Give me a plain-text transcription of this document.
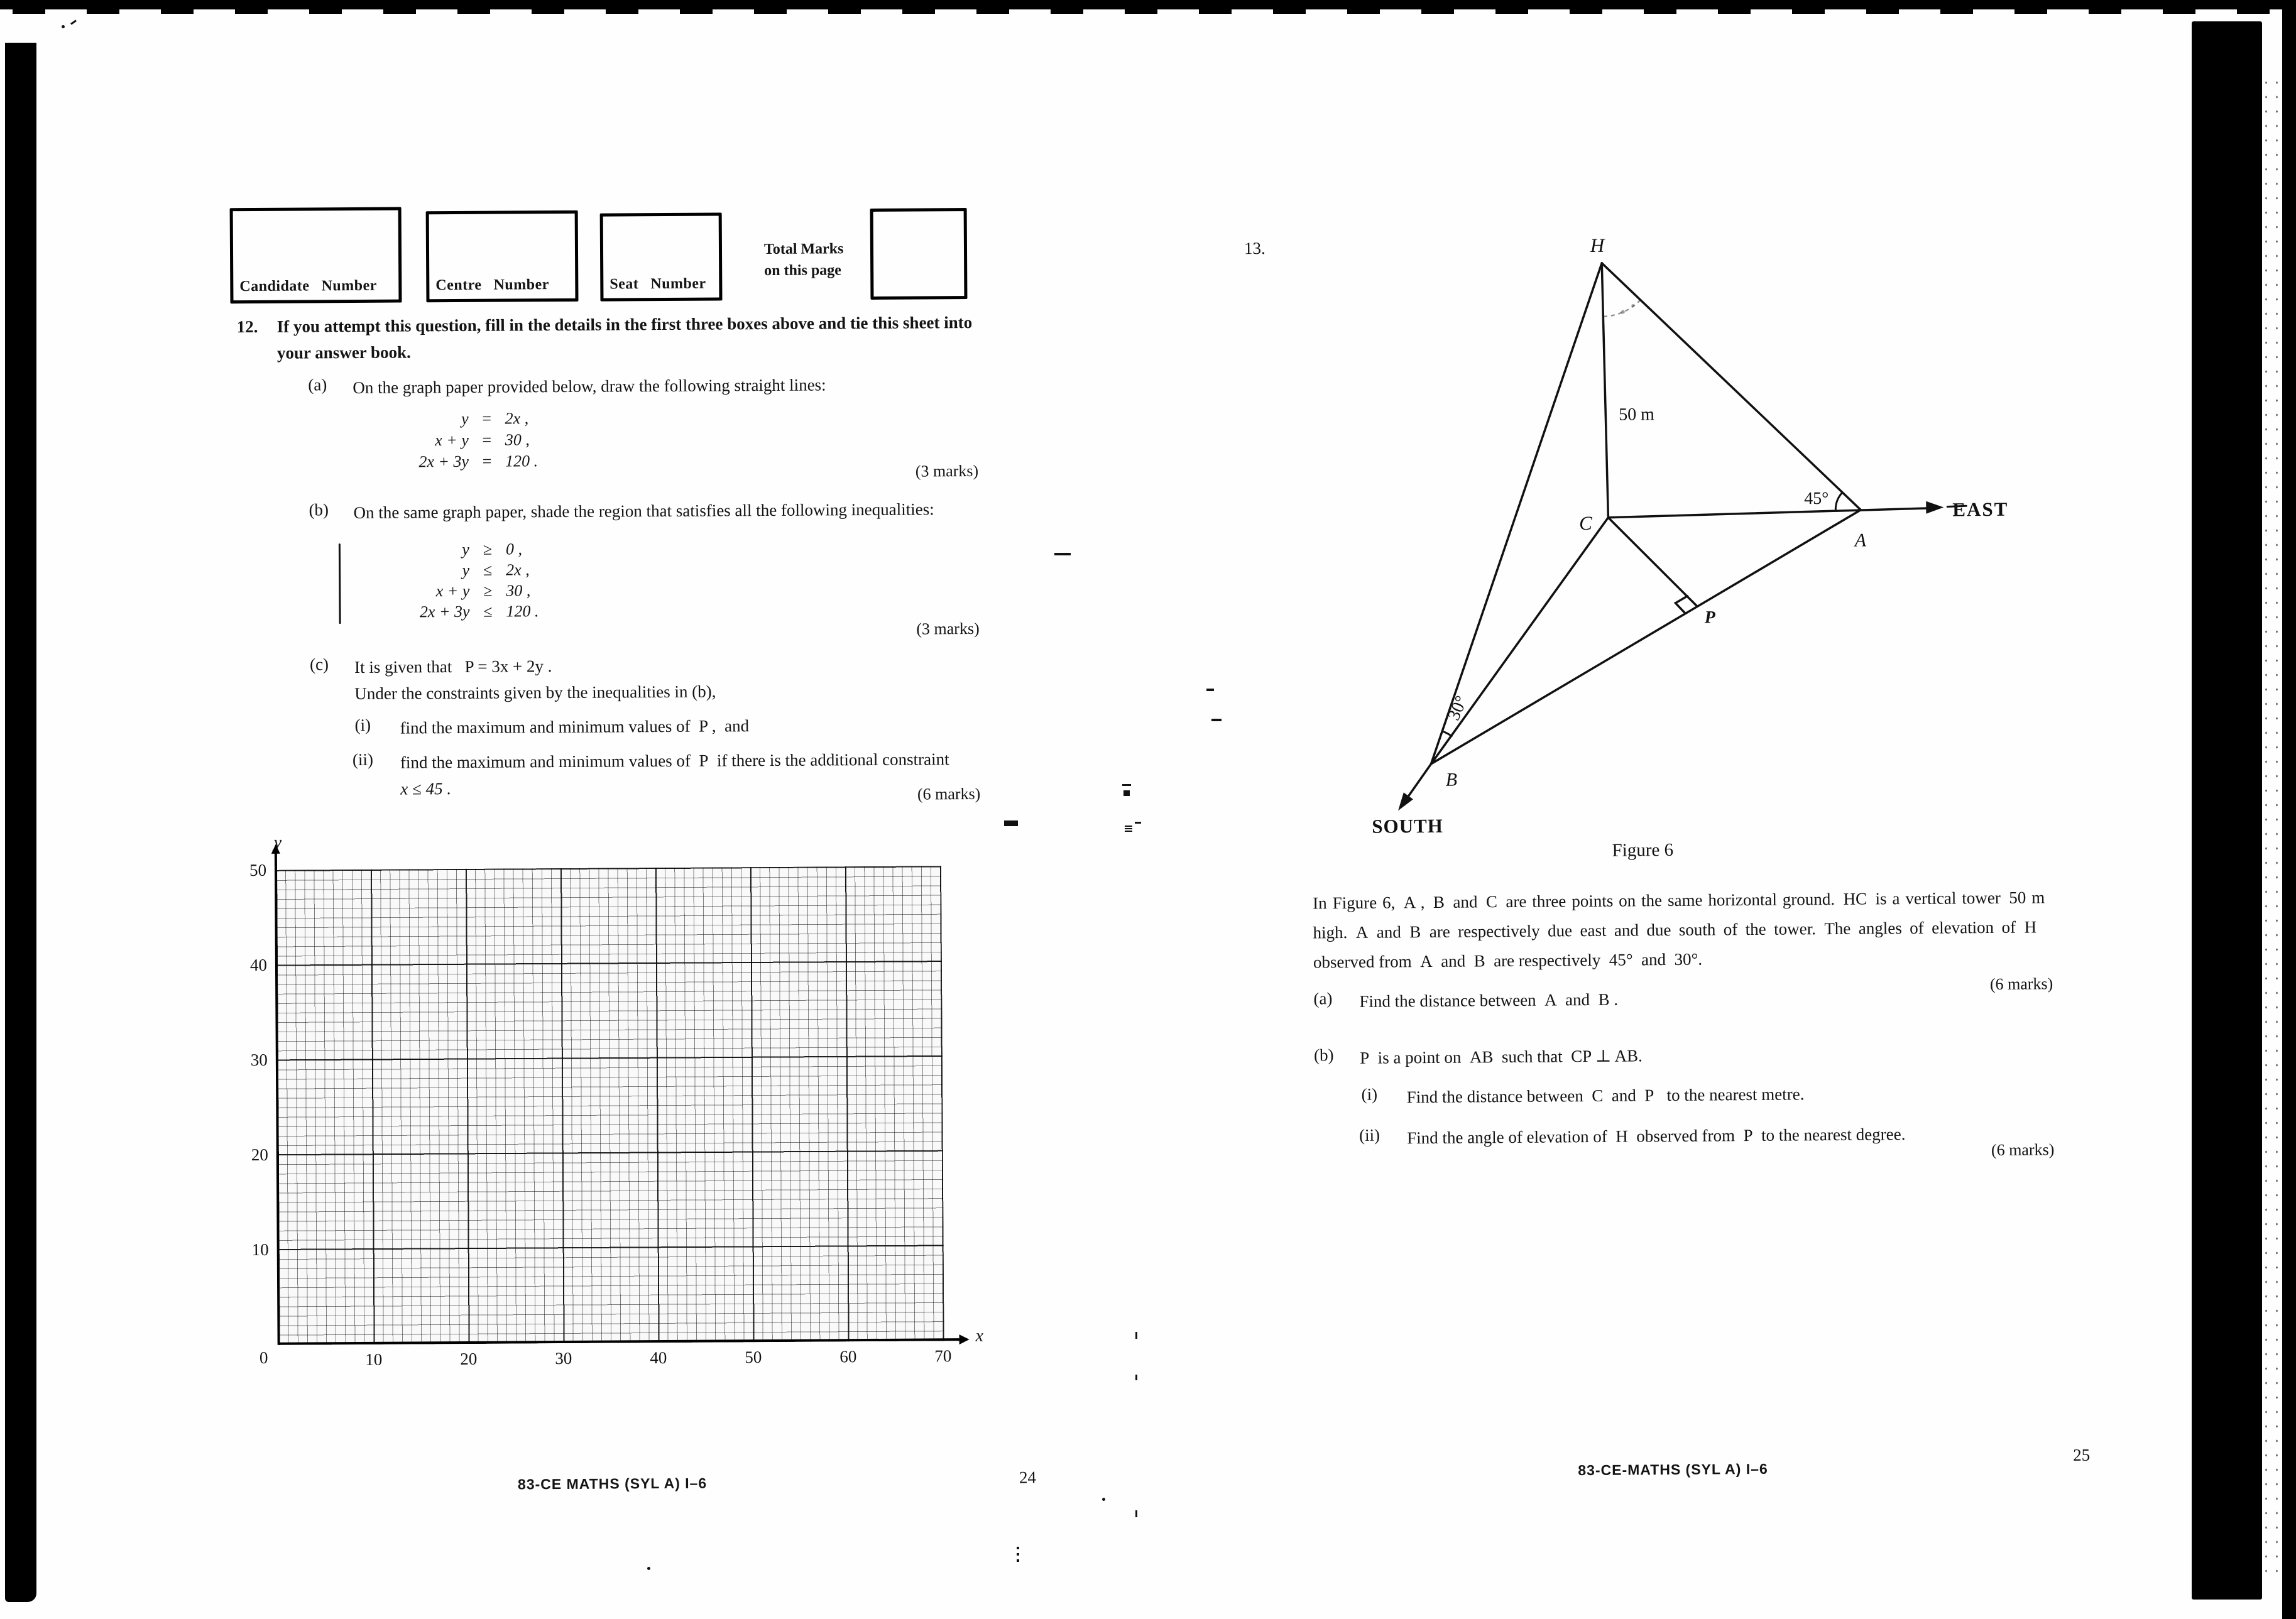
Candidate  Number	Centre  Number	Seat  Number
Total Marks
on this page
12. If you attempt this question, fill in the details in the first three boxes above and tie this sheet into your answer book.
(a) On the graph paper provided below, draw the following straight lines:
y = 2x ,
x + y = 30 ,
2x + 3y = 120 .
(3 marks)
(b) On the same graph paper, shade the region that satisfies all the following inequalities:
y ≥ 0 ,
y ≤ 2x ,
x + y ≥ 30 ,
2x + 3y ≤ 120 .
(3 marks)
(c) It is given that  P = 3x + 2y .
Under the constraints given by the inequalities in (b),
(i) find the maximum and minimum values of P , and
(ii) find the maximum and minimum values of P if there is the additional constraint
x ≤ 45 .	(6 marks)
y
x
50
40
30
20
10
0	10	20	30	40	50	60	70
83-CE MATHS (SYL A) I–6	24
13.	H
50 m
C
A
45°	EAST
B
30°
P
SOUTH
Figure 6
In Figure 6, A , B and C are three points on the same horizontal ground. HC is a vertical tower 50 m high. A and B are respectively due east and due south of the tower. The angles of elevation of H observed from A and B are respectively 45° and 30°.
(a) Find the distance between A and B .
(6 marks)
(b) P is a point on AB such that CP ⊥ AB.
(i) Find the distance between C and P  to the nearest metre.
(ii) Find the angle of elevation of H observed from P to the nearest degree.
(6 marks)
83-CE-MATHS (SYL A) I–6
25
